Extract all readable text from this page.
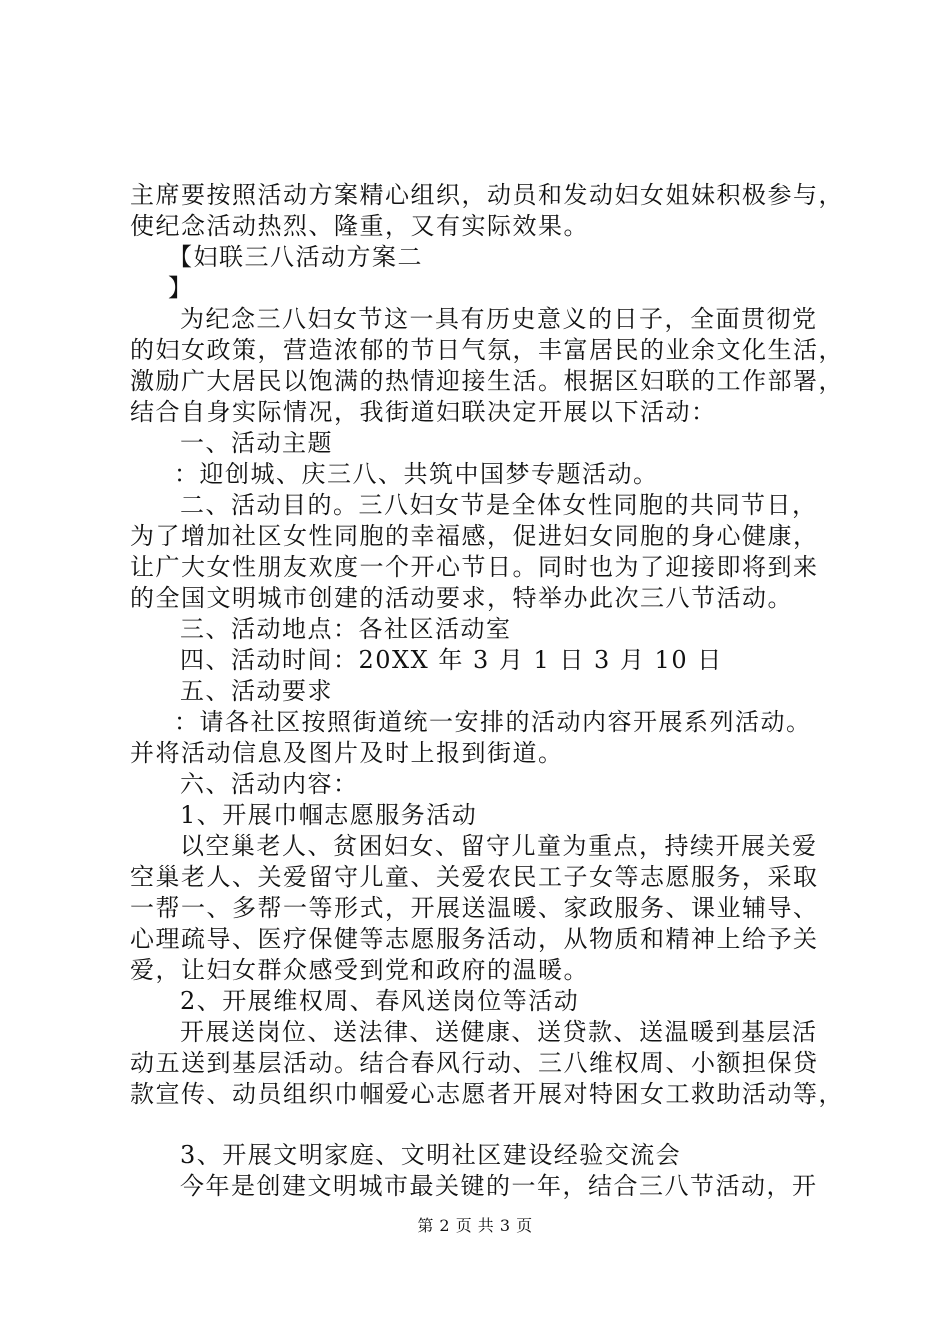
主席要按照活动方案精心组织，动员和发动妇女姐妹积极参与，
使纪念活动热烈、隆重，又有实际效果。
【妇联三八活动方案二
】
为纪念三八妇女节这一具有历史意义的日子，全面贯彻党
的妇女政策，营造浓郁的节日气氛，丰富居民的业余文化生活，
激励广大居民以饱满的热情迎接生活。根据区妇联的工作部署，
结合自身实际情况，我街道妇联决定开展以下活动：
一、活动主题
：迎创城、庆三八、共筑中国梦专题活动。
二、活动目的。三八妇女节是全体女性同胞的共同节日，
为了增加社区女性同胞的幸福感，促进妇女同胞的身心健康，
让广大女性朋友欢度一个开心节日。同时也为了迎接即将到来
的全国文明城市创建的活动要求，特举办此次三八节活动。
三、活动地点：各社区活动室
四、活动时间：20XX 年 3 月 1 日 3 月 10 日
五、活动要求
：请各社区按照街道统一安排的活动内容开展系列活动。
并将活动信息及图片及时上报到街道。
六、活动内容：
1、开展巾帼志愿服务活动
以空巢老人、贫困妇女、留守儿童为重点，持续开展关爱
空巢老人、关爱留守儿童、关爱农民工子女等志愿服务，采取
一帮一、多帮一等形式，开展送温暖、家政服务、课业辅导、
心理疏导、医疗保健等志愿服务活动，从物质和精神上给予关
爱，让妇女群众感受到党和政府的温暖。
2、开展维权周、春风送岗位等活动
开展送岗位、送法律、送健康、送贷款、送温暖到基层活
动五送到基层活动。结合春风行动、三八维权周、小额担保贷
款宣传、动员组织巾帼爱心志愿者开展对特困女工救助活动等，
3、开展文明家庭、文明社区建设经验交流会
今年是创建文明城市最关键的一年，结合三八节活动，开
第 2 页 共 3 页
